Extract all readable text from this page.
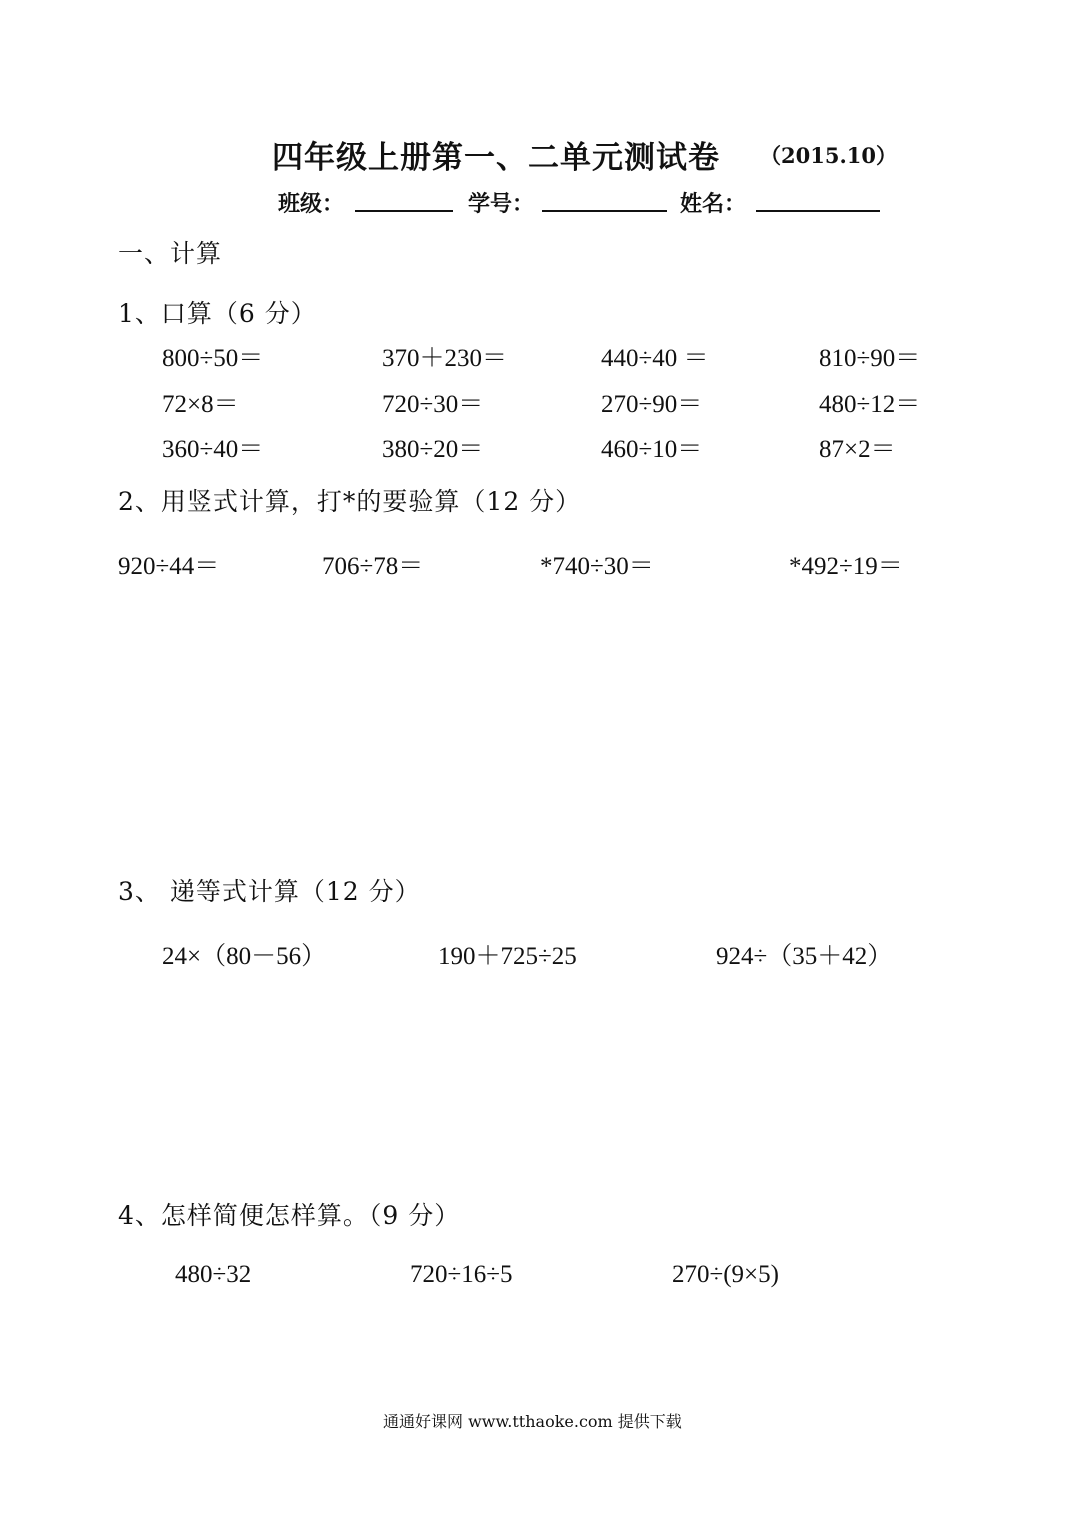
四年级上册第一、二单元测试卷 （2015.10）
班级：	学号：	姓名：
一、计算
1、口算（6 分）
800÷50＝	370＋230＝	440÷40 ＝	810÷90＝
72×8＝	720÷30＝	270÷90＝	480÷12＝
360÷40＝	380÷20＝	460÷10＝	87×2＝
2、用竖式计算，打*的要验算（12 分）
920÷44＝	706÷78＝	*740÷30＝	*492÷19＝
3、 递等式计算（12 分）
24×（80－56）	190＋725÷25	924÷（35＋42）
4、怎样简便怎样算。（9 分）
480÷32	720÷16÷5	270÷(9×5)
通通好课网 www.tthaoke.com 提供下载
